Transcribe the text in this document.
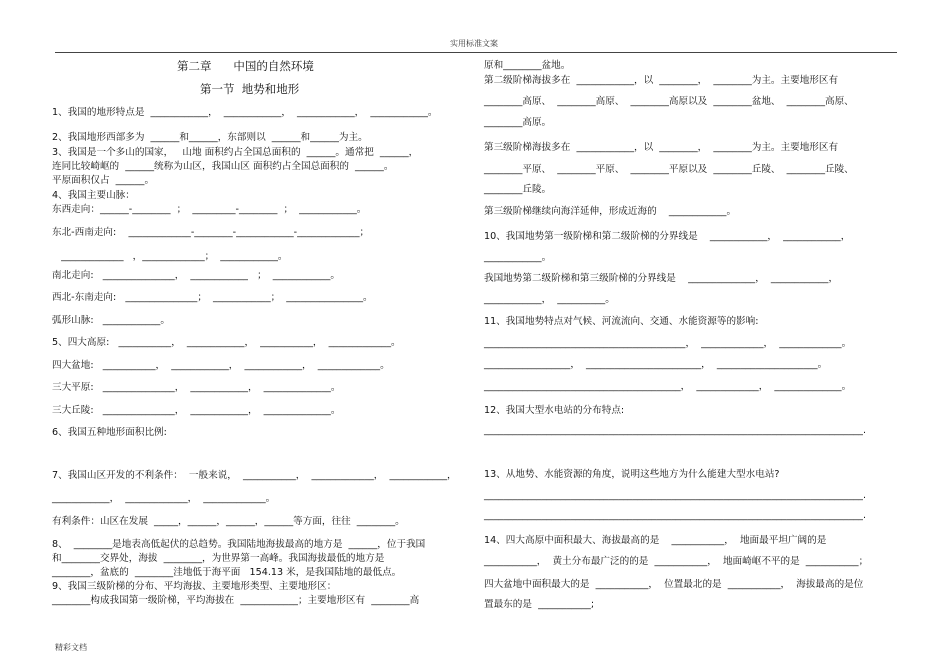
实用标准文案
第二章      中国的自然环境
第一节  地势和地形
1、我国的地形特点是  ____________，  ____________，  ____________，  ____________。
2、我国地形西部多为  ______和______，东部则以  ______和______为主。
3、我国是一个多山的国家，   山地 面积约占全国总面积的  ______。通常把  ______，
连同比较崎岖的  ______统称为山区，我国山区 面积约占全国总面积的  ______。
平原面积仅占  ______。
4、我国主要山脉：
东西走向：______-________  ；  _________-________  ；  ____________。
东北-西南走向:    _____________-________-____________-_____________；
_____________   ，_____________；  ____________。
南北走向:   _______________，  ____________   ；  ____________。
西北-东南走向:   _______________；  ____________；  ________________。
弧形山脉:   ____________。
5、四大高原:   ___________，  ____________，  ___________，  _____________。
四大盆地:   ___________，  ____________，  ____________，  _____________。
三大平原:   _______________，  ____________，  ______________。
三大丘陵:   _______________，  ____________，  ______________。
6、我国五种地形面积比例:
7、我国山区开发的不利条件：  一般来说，  ___________，  _____________，  ____________，
____________，  _____________，  _____________。
有利条件：山区在发展  _____，______，______，______等方面，往往  ________。
8、  ________是地表高低起伏的总趋势。我国陆地海拔最高的地方是  ______，位于我国
和________交界处，海拔  ________，为世界第一高峰。我国海拔最低的地方是
________，盆底的  ________洼地低于海平面   154.13 米，是我国陆地的最低点。
9、我国三级阶梯的分布、平均海拔、主要地形类型、主要地形区：
________构成我国第一级阶梯，平均海拔在  ____________；主要地形区有  ________高
原和________盆地。
第二级阶梯海拔多在  ____________，以  ________，  ________为主。主要地形区有
________高原、  ________高原、  ________高原以及  ________盆地、  ________高原、
________高原。
第三级阶梯海拔多在  ____________，以  ________，  ________为主。主要地形区有
________平原、  ________平原、  ________平原以及  ________丘陵、  ________丘陵、
________丘陵。
第三级阶梯继续向海洋延伸，形成近海的    ____________。
10、我国地势第一级阶梯和第二级阶梯的分界线是    ____________，  ____________，
____________。
我国地势第二级阶梯和第三级阶梯的分界线是    ______________，  ____________，
____________，  __________。
11、我国地势特点对气候、河流流向、交通、水能资源等的影响:
__________________________________________，  _____________，  _____________。
__________________，  ________________________，  _____________________。
_________________________________________，  _____________，  ______________。
12、我国大型水电站的分布特点:
_______________________________________________________________________________.
13、从地势、水能资源的角度，说明这些地方为什么能建大型水电站?
_______________________________________________________________________________.
_______________________________________________________________________________.
14、四大高原中面积最大、海拔最高的是    ___________，  地面最平坦广阔的是
___________，  黄土分布最广泛的的是  ___________，  地面崎岖不平的是  ___________；
四大盆地中面积最大的是  ___________，  位置最北的是  ___________，  海拔最高的是位
置最东的是  ___________;
精彩文档
